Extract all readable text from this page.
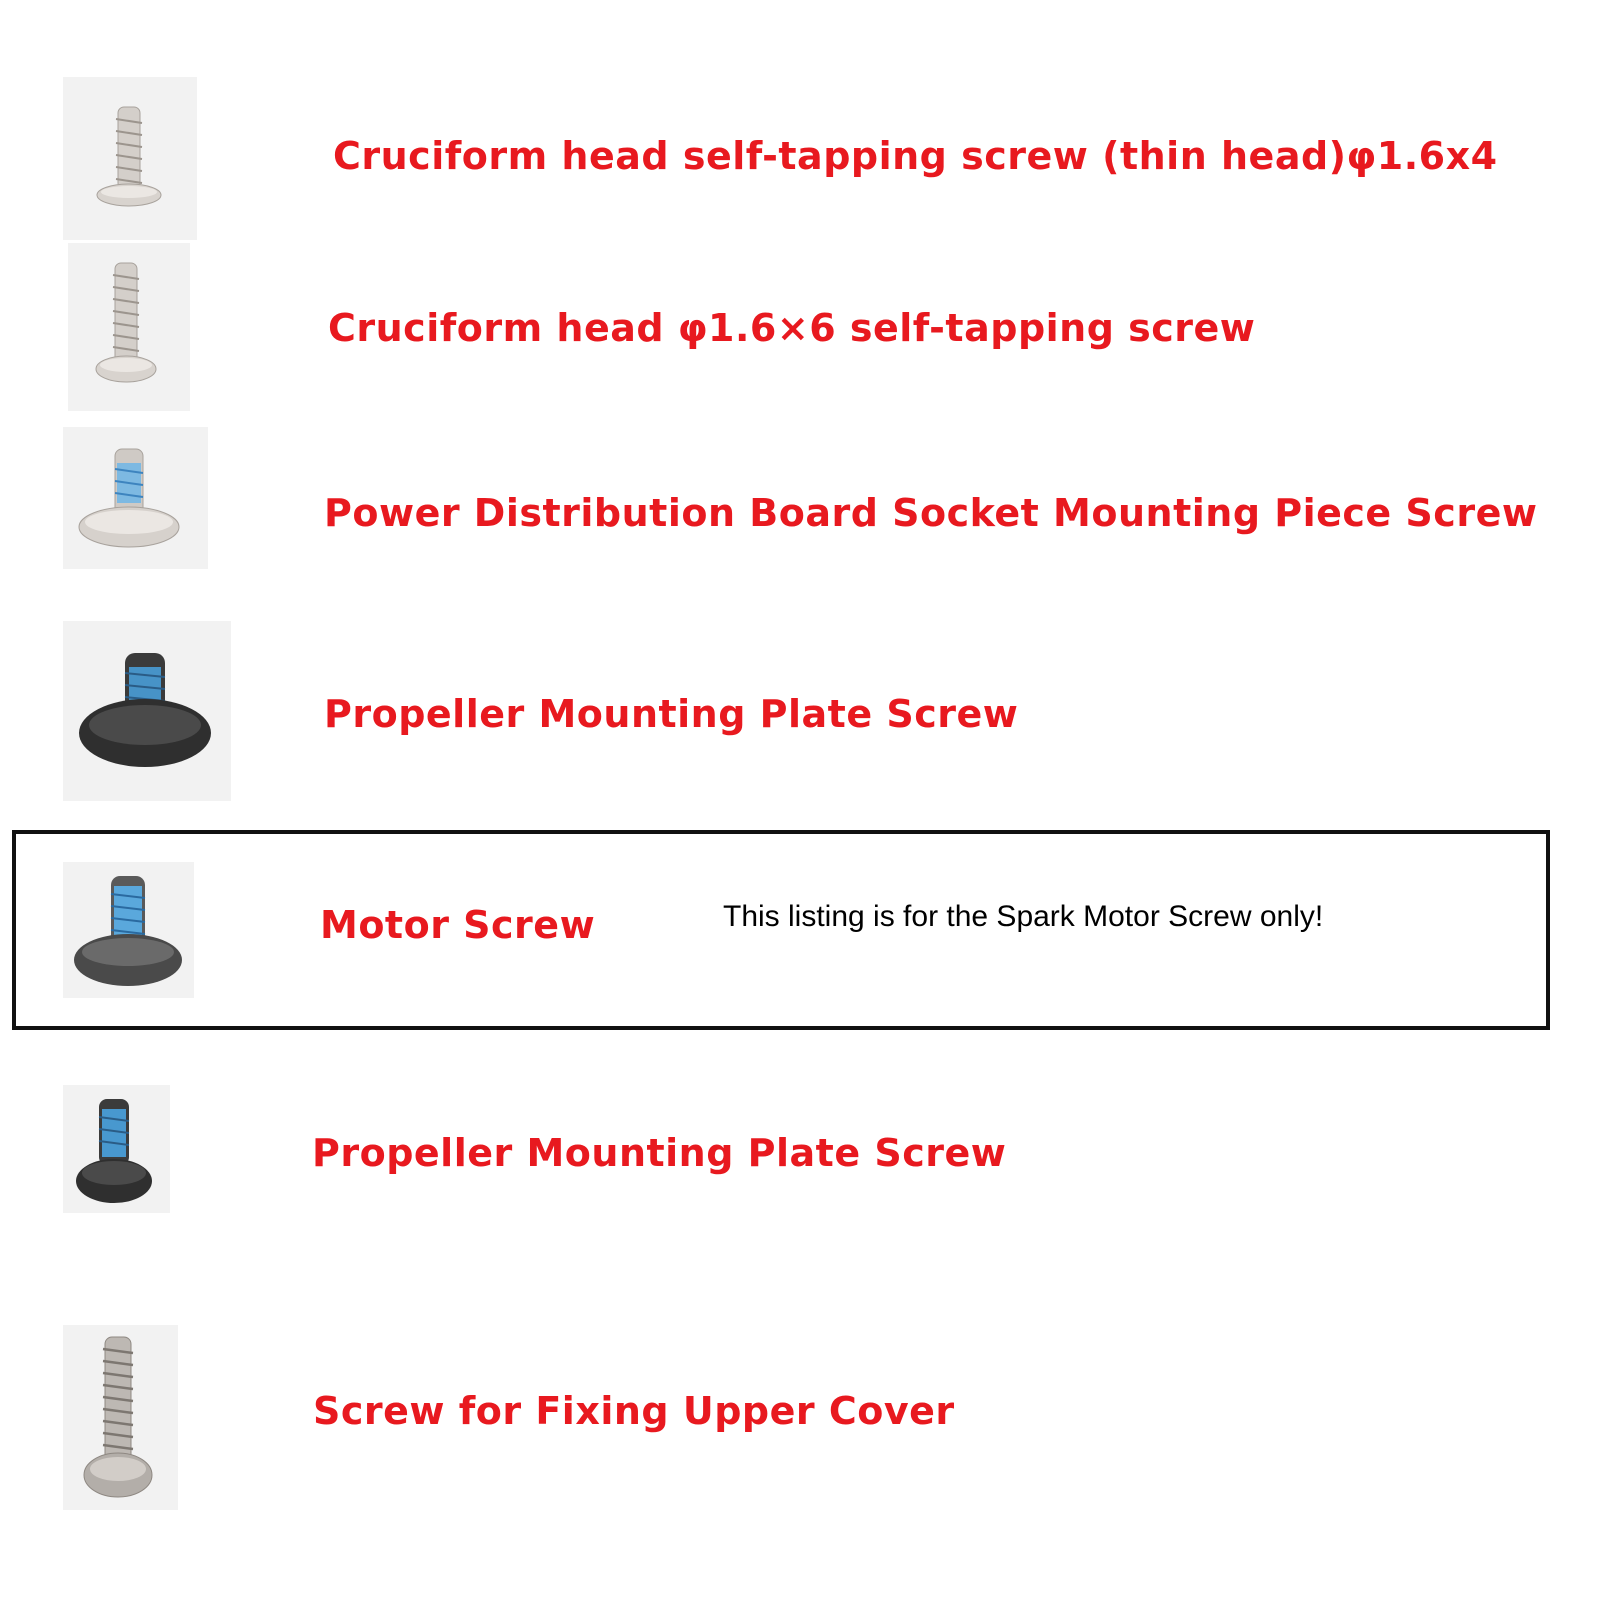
Cruciform head self-tapping screw (thin head)φ1.6x4
Cruciform head φ1.6×6 self-tapping screw
Power Distribution Board Socket Mounting Piece Screw
Propeller Mounting Plate Screw
Motor Screw	This listing is for the Spark Motor Screw only!
Propeller Mounting Plate Screw
Screw for Fixing Upper Cover
